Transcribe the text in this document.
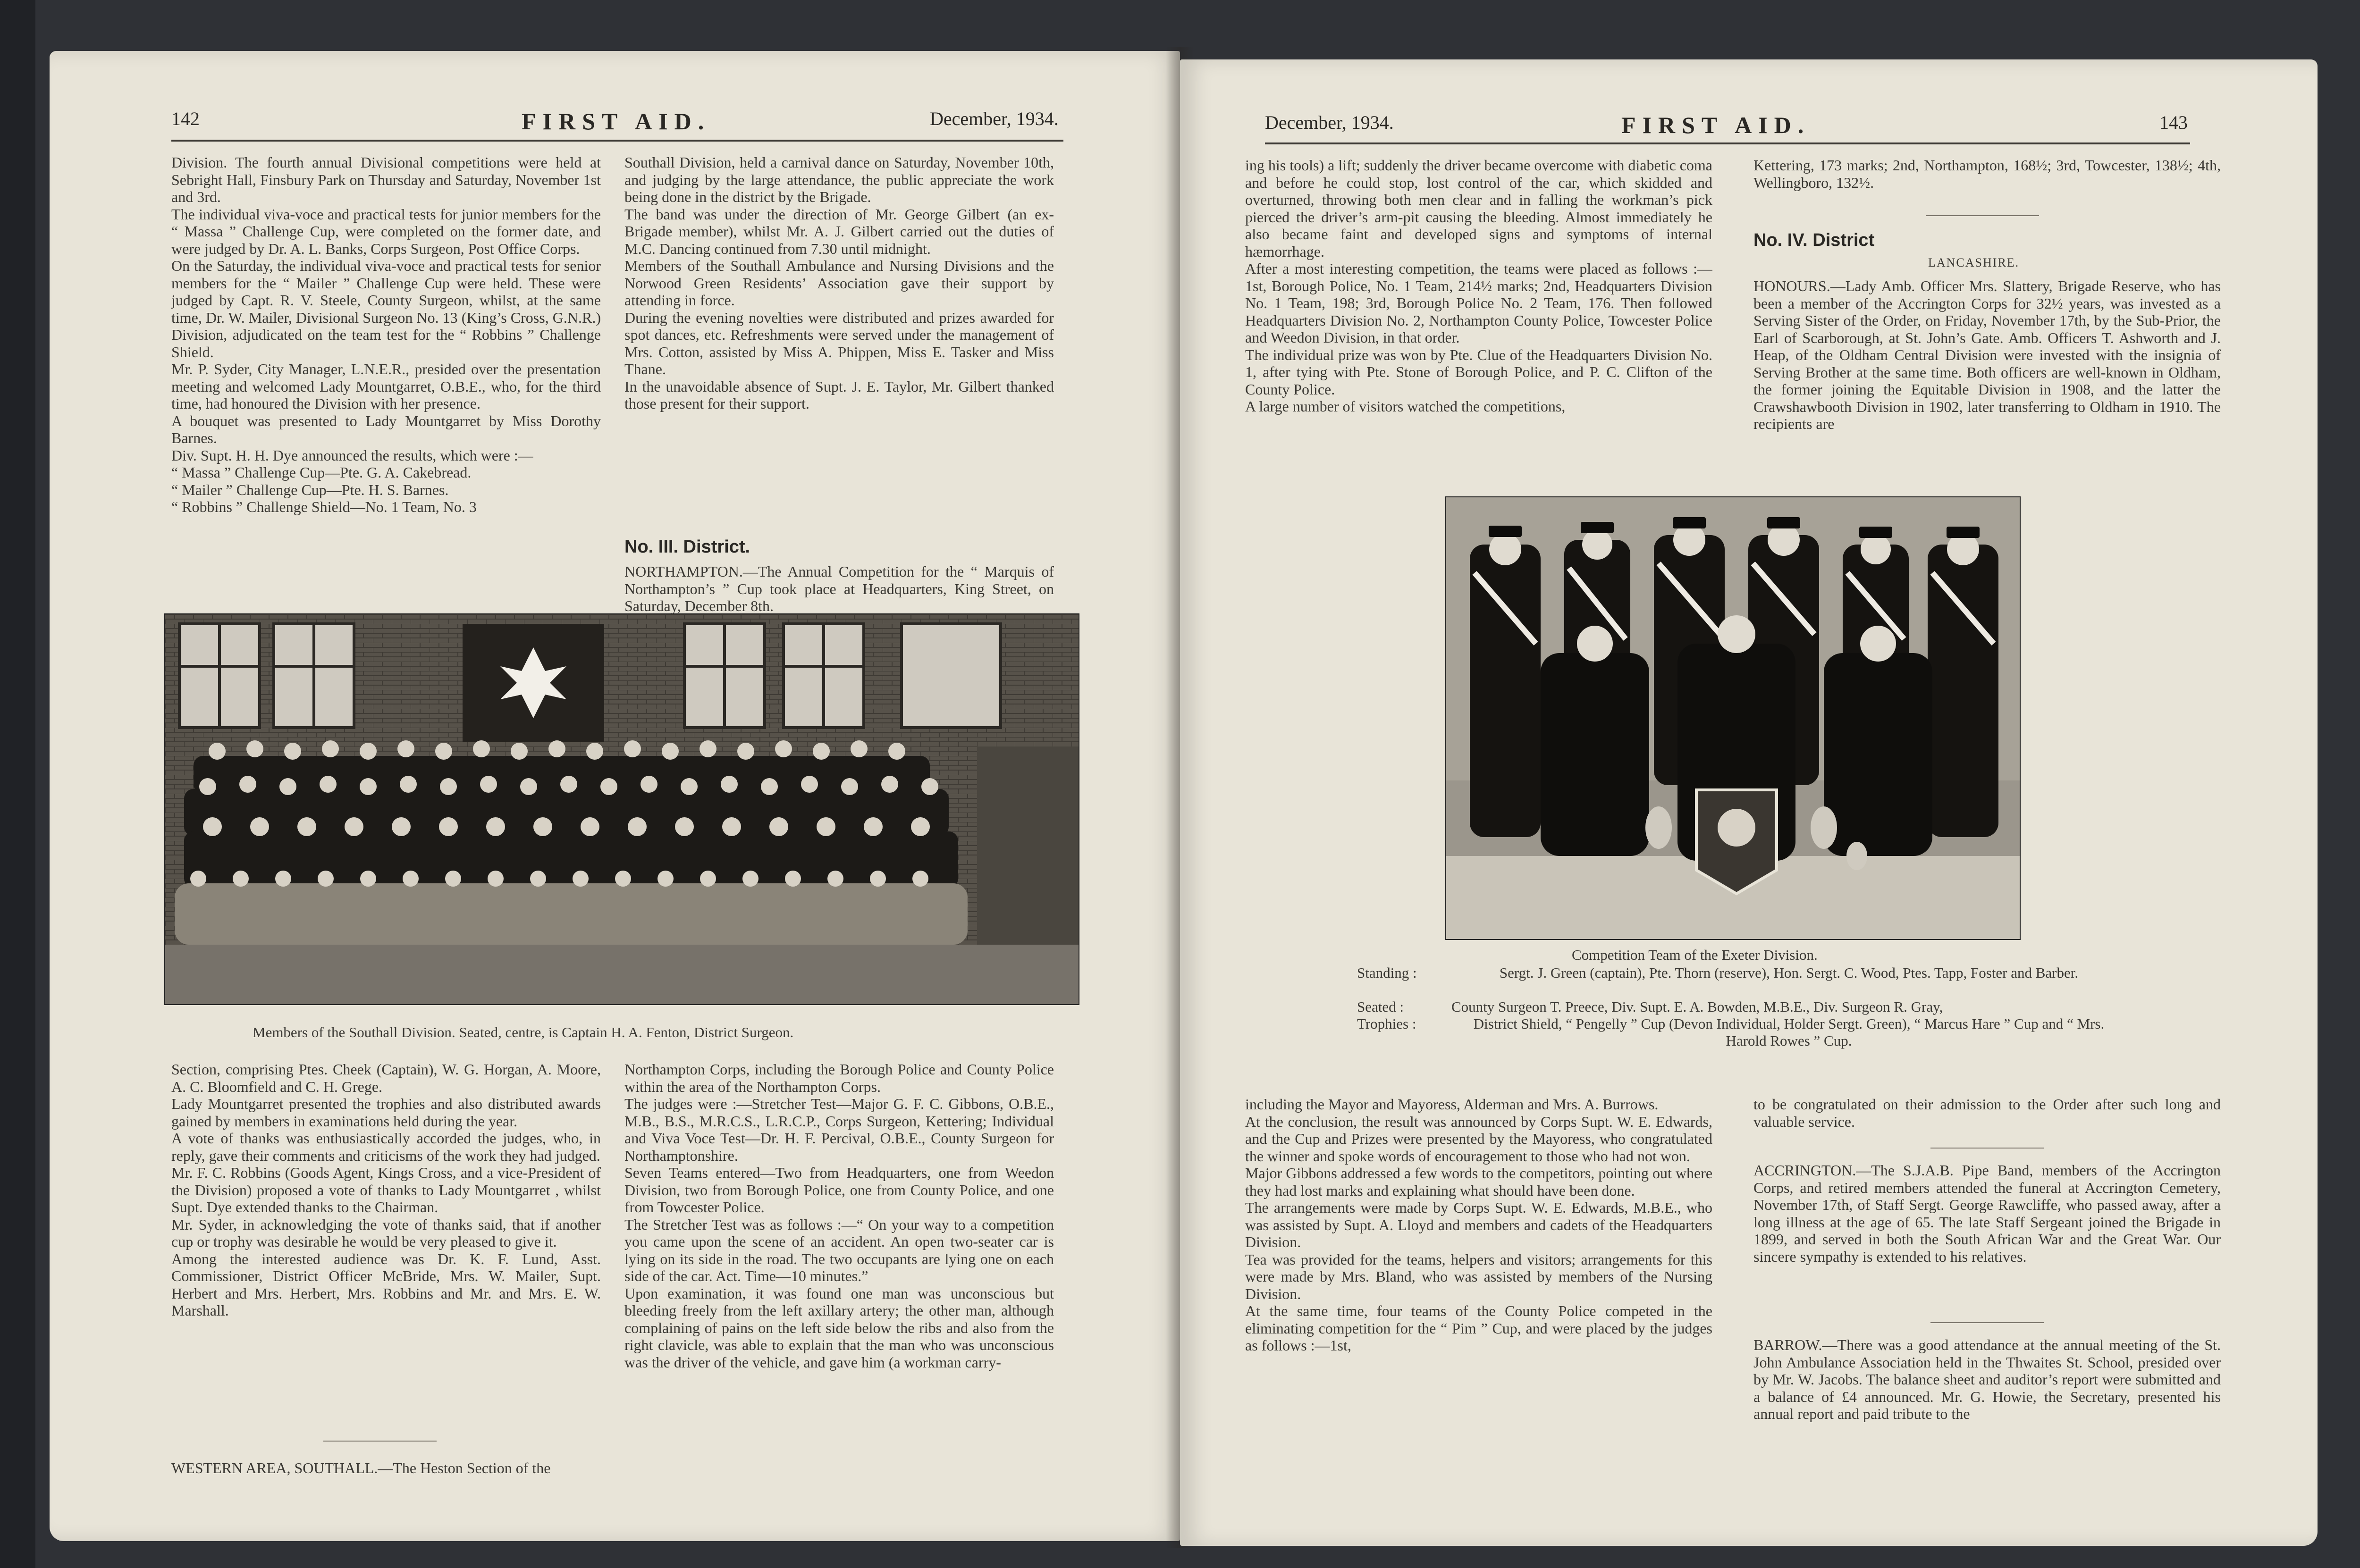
142	FIRST AID.	December, 1934.
Division. The fourth annual Divisional competitions were held at Sebright Hall, Finsbury Park on Thursday and Saturday, November 1st and 3rd.
The individual viva-voce and practical tests for junior members for the “ Massa ” Challenge Cup, were completed on the former date, and were judged by Dr. A. L. Banks, Corps Surgeon, Post Office Corps.
On the Saturday, the individual viva-voce and practical tests for senior members for the “ Mailer ” Challenge Cup were held. These were judged by Capt. R. V. Steele, County Surgeon, whilst, at the same time, Dr. W. Mailer, Divisional Surgeon No. 13 (King’s Cross, G.N.R.) Division, adjudicated on the team test for the “ Robbins ” Challenge Shield.
Mr. P. Syder, City Manager, L.N.E.R., presided over the presentation meeting and welcomed Lady Mountgarret, O.B.E., who, for the third time, had honoured the Division with her presence.
A bouquet was presented to Lady Mountgarret by Miss Dorothy Barnes.
Div. Supt. H. H. Dye announced the results, which were :—
“ Massa ” Challenge Cup—Pte. G. A. Cakebread.
“ Mailer ” Challenge Cup—Pte. H. S. Barnes.
“ Robbins ” Challenge Shield—No. 1 Team, No. 3
Southall Division, held a carnival dance on Saturday, November 10th, and judging by the large attendance, the public appreciate the work being done in the district by the Brigade.
The band was under the direction of Mr. George Gilbert (an ex-Brigade member), whilst Mr. A. J. Gilbert carried out the duties of M.C. Dancing continued from 7.30 until midnight.
Members of the Southall Ambulance and Nursing Divisions and the Norwood Green Residents’ Association gave their support by attending in force.
During the evening novelties were distributed and prizes awarded for spot dances, etc. Refreshments were served under the management of Mrs. Cotton, assisted by Miss A. Phippen, Miss E. Tasker and Miss Thane.
In the unavoidable absence of Supt. J. E. Taylor, Mr. Gilbert thanked those present for their support.
No. III. District.
NORTHAMPTON.—The Annual Competition for the “ Marquis of Northampton’s ” Cup took place at Headquarters, King Street, on Saturday, December 8th.

Members of the Southall Division. Seated, centre, is Captain H. A. Fenton, District Surgeon.
Section, comprising Ptes. Cheek (Captain), W. G. Horgan, A. Moore, A. C. Bloomfield and C. H. Grege.
Lady Mountgarret presented the trophies and also distributed awards gained by members in examinations held during the year.
A vote of thanks was enthusiastically accorded the judges, who, in reply, gave their comments and criticisms of the work they had judged.
Mr. F. C. Robbins (Goods Agent, Kings Cross, and a vice-President of the Division) proposed a vote of thanks to Lady Mountgarret , whilst Supt. Dye extended thanks to the Chairman.
Mr. Syder, in acknowledging the vote of thanks said, that if another cup or trophy was desirable he would be very pleased to give it.
Among the interested audience was Dr. K. F. Lund, Asst. Commissioner, District Officer McBride, Mrs. W. Mailer, Supt. Herbert and Mrs. Herbert, Mrs. Robbins and Mr. and Mrs. E. W. Marshall.
WESTERN AREA, SOUTHALL.—The Heston Section of the
Northampton Corps, including the Borough Police and County Police within the area of the Northampton Corps.
The judges were :—Stretcher Test—Major G. F. C. Gibbons, O.B.E., M.B., B.S., M.R.C.S., L.R.C.P., Corps Surgeon, Kettering; Individual and Viva Voce Test—Dr. H. F. Percival, O.B.E., County Surgeon for Northamptonshire.
Seven Teams entered—Two from Headquarters, one from Weedon Division, two from Borough Police, one from County Police, and one from Towcester Police.
The Stretcher Test was as follows :—“ On your way to a competition you came upon the scene of an accident. An open two-seater car is lying on its side in the road. The two occupants are lying one on each side of the car. Act. Time—10 minutes.”
Upon examination, it was found one man was unconscious but bleeding freely from the left axillary artery; the other man, although complaining of pains on the left side below the ribs and also from the right clavicle, was able to explain that the man who was unconscious was the driver of the vehicle, and gave him (a workman carry-
December, 1934.	FIRST AID.	143
ing his tools) a lift; suddenly the driver became overcome with diabetic coma and before he could stop, lost control of the car, which skidded and overturned, throwing both men clear and in falling the workman’s pick pierced the driver’s arm-pit causing the bleeding. Almost immediately he also became faint and developed signs and symptoms of internal hæmorrhage.
After a most interesting competition, the teams were placed as follows :—1st, Borough Police, No. 1 Team, 214½ marks; 2nd, Headquarters Division No. 1 Team, 198; 3rd, Borough Police No. 2 Team, 176. Then followed Headquarters Division No. 2, Northampton County Police, Towcester Police and Weedon Division, in that order.
The individual prize was won by Pte. Clue of the Headquarters Division No. 1, after tying with Pte. Stone of Borough Police, and P. C. Clifton of the County Police.
A large number of visitors watched the competitions,
Kettering, 173 marks; 2nd, Northampton, 168½; 3rd, Towcester, 138½; 4th, Wellingboro, 132½.
No. IV. District
LANCASHIRE.
HONOURS.—Lady Amb. Officer Mrs. Slattery, Brigade Reserve, who has been a member of the Accrington Corps for 32½ years, was invested as a Serving Sister of the Order, on Friday, November 17th, by the Sub-Prior, the Earl of Scarborough, at St. John’s Gate. Amb. Officers T. Ashworth and J. Heap, of the Oldham Central Division were invested with the insignia of Serving Brother at the same time. Both officers are well-known in Oldham, the former joining the Equitable Division in 1908, and the latter the Crawshawbooth Division in 1902, later transferring to Oldham in 1910. The recipients are
Competition Team of the Exeter Division.
Standing :	Sergt. J. Green (captain), Pte. Thorn (reserve), Hon. Sergt. C. Wood, Ptes. Tapp, Foster and Barber.
Seated :	County Surgeon T. Preece, Div. Supt. E. A. Bowden, M.B.E., Div. Surgeon R. Gray,
Trophies :	District Shield, “ Pengelly ” Cup (Devon Individual, Holder Sergt. Green), “ Marcus Hare ” Cup and “ Mrs. Harold Rowes ” Cup.
including the Mayor and Mayoress, Alderman and Mrs. A. Burrows.
At the conclusion, the result was announced by Corps Supt. W. E. Edwards, and the Cup and Prizes were presented by the Mayoress, who congratulated the winner and spoke words of encouragement to those who had not won.
Major Gibbons addressed a few words to the competitors, pointing out where they had lost marks and explaining what should have been done.
The arrangements were made by Corps Supt. W. E. Edwards, M.B.E., who was assisted by Supt. A. Lloyd and members and cadets of the Headquarters Division.
Tea was provided for the teams, helpers and visitors; arrangements for this were made by Mrs. Bland, who was assisted by members of the Nursing Division.
At the same time, four teams of the County Police competed in the eliminating competition for the “ Pim ” Cup, and were placed by the judges as follows :—1st,
to be congratulated on their admission to the Order after such long and valuable service.
ACCRINGTON.—The S.J.A.B. Pipe Band, members of the Accrington Corps, and retired members attended the funeral at Accrington Cemetery, November 17th, of Staff Sergt. George Rawcliffe, who passed away, after a long illness at the age of 65. The late Staff Sergeant joined the Brigade in 1899, and served in both the South African War and the Great War. Our sincere sympathy is extended to his relatives.
BARROW.—There was a good attendance at the annual meeting of the St. John Ambulance Association held in the Thwaites St. School, presided over by Mr. W. Jacobs. The balance sheet and auditor’s report were submitted and a balance of £4 announced. Mr. G. Howie, the Secretary, presented his annual report and paid tribute to the
